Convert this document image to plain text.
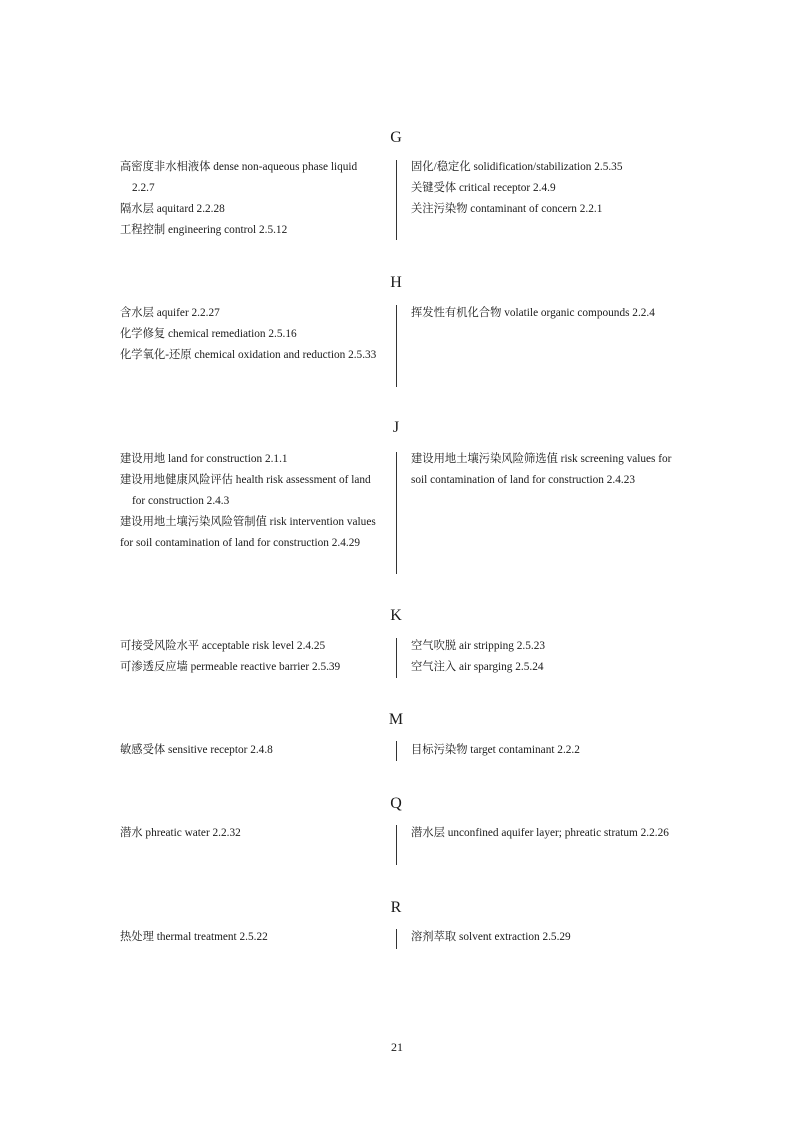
G

高密度非水相液体 dense non-aqueous phase liquid 2.2.7

隔水层 aquitard 2.2.28

工程控制 engineering control 2.5.12

固化/稳定化 solidification/stabilization 2.5.35

关键受体 critical receptor 2.4.9

关注污染物 contaminant of concern 2.2.1

H

含水层 aquifer 2.2.27

化学修复 chemical remediation 2.5.16

化学氧化-还原 chemical oxidation and reduction 2.5.33

挥发性有机化合物 volatile organic compounds 2.2.4

J

建设用地 land for construction 2.1.1

建设用地健康风险评估 health risk assessment of land for construction 2.4.3

建设用地土壤污染风险管制值 risk intervention values for soil contamination of land for construction 2.4.29

建设用地土壤污染风险筛选值 risk screening values for soil contamination of land for construction 2.4.23

K

可接受风险水平 acceptable risk level 2.4.25

可渗透反应墙 permeable reactive barrier 2.5.39

空气吹脱 air stripping 2.5.23

空气注入 air sparging 2.5.24

M

敏感受体 sensitive receptor 2.4.8	目标污染物 target contaminant 2.2.2

Q

潜水 phreatic water 2.2.32	潜水层 unconfined aquifer layer; phreatic stratum 2.2.26

R

热处理 thermal treatment 2.5.22	溶剂萃取 solvent extraction 2.5.29

21
